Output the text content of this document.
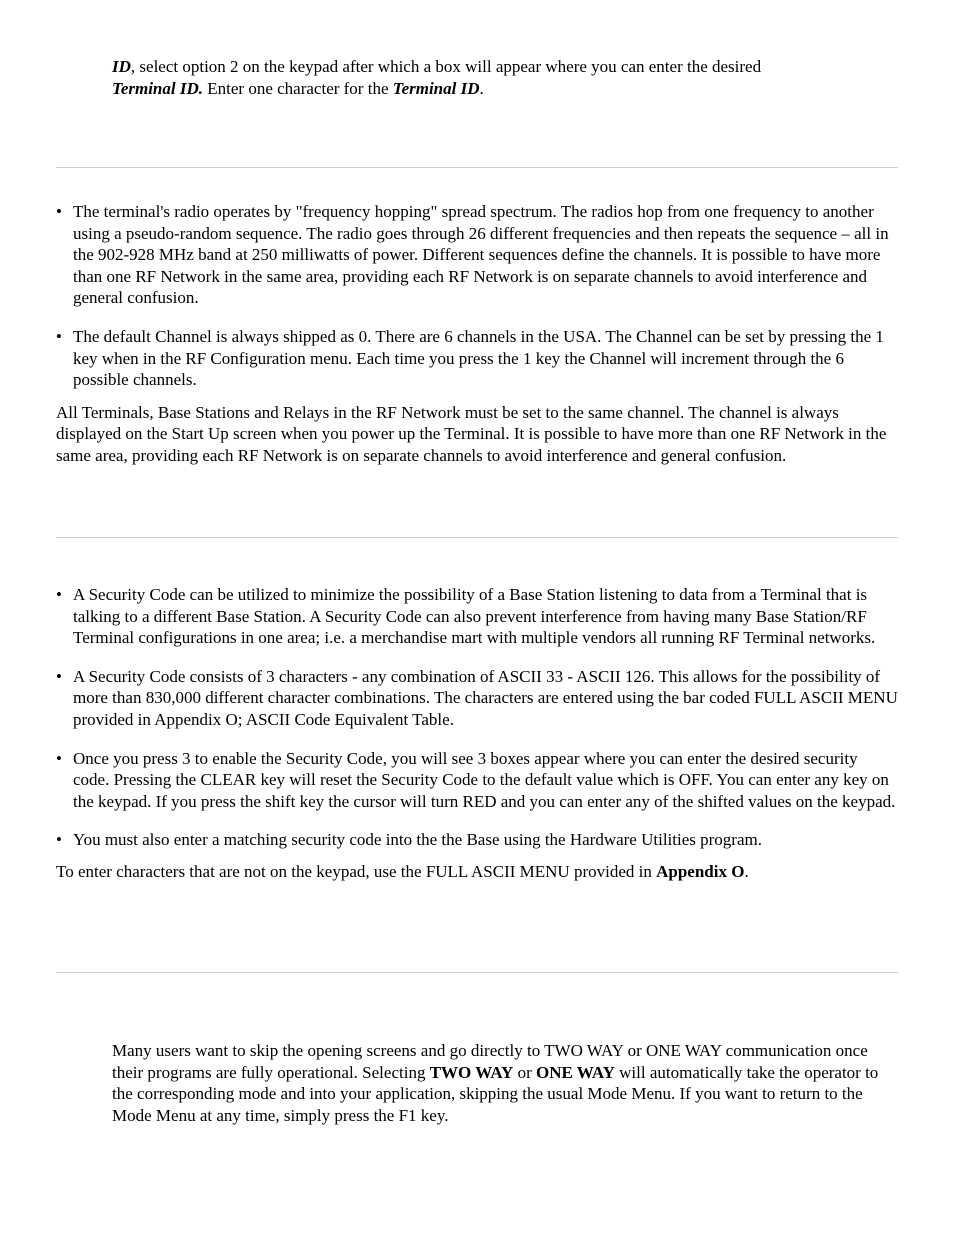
ID, select option 2 on the keypad after which a box will appear where you can enter the desired
Terminal ID. Enter one character for the Terminal ID.

• The terminal's radio operates by "frequency hopping" spread spectrum. The radios hop from one frequency to another using a pseudo-random sequence. The radio goes through 26 different frequencies and then repeats the sequence – all in the 902-928 MHz band at 250 milliwatts of power. Different sequences define the channels. It is possible to have more than one RF Network in the same area, providing each RF Network is on separate channels to avoid interference and general confusion.

• The default Channel is always shipped as 0. There are 6 channels in the USA. The Channel can be set by pressing the 1 key when in the RF Configuration menu. Each time you press the 1 key the Channel will increment through the 6 possible channels.

All Terminals, Base Stations and Relays in the RF Network must be set to the same channel. The channel is always displayed on the Start Up screen when you power up the Terminal. It is possible to have more than one RF Network in the same area, providing each RF Network is on separate channels to avoid interference and general confusion.

• A Security Code can be utilized to minimize the possibility of a Base Station listening to data from a Terminal that is talking to a different Base Station. A Security Code can also prevent interference from having many Base Station/RF Terminal configurations in one area; i.e. a merchandise mart with multiple vendors all running RF Terminal networks.

• A Security Code consists of 3 characters - any combination of ASCII 33 - ASCII 126. This allows for the possibility of more than 830,000 different character combinations. The characters are entered using the bar coded FULL ASCII MENU provided in Appendix O; ASCII Code Equivalent Table.

• Once you press 3 to enable the Security Code, you will see 3 boxes appear where you can enter the desired security code. Pressing the CLEAR key will reset the Security Code to the default value which is OFF. You can enter any key on the keypad. If you press the shift key the cursor will turn RED and you can enter any of the shifted values on the keypad.

• You must also enter a matching security code into the the Base using the Hardware Utilities program.

To enter characters that are not on the keypad, use the FULL ASCII MENU provided in Appendix O.

Many users want to skip the opening screens and go directly to TWO WAY or ONE WAY communication once their programs are fully operational. Selecting TWO WAY or ONE WAY will automatically take the operator to the corresponding mode and into your application, skipping the usual Mode Menu. If you want to return to the Mode Menu at any time, simply press the F1 key.
